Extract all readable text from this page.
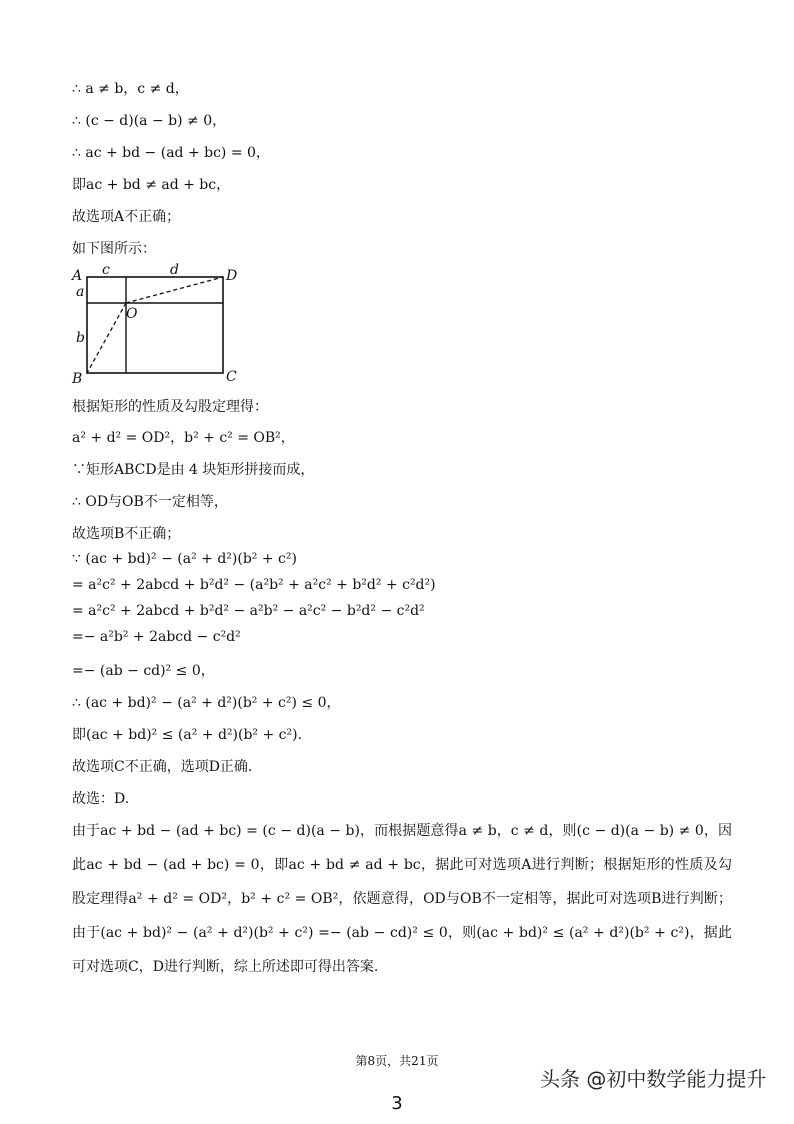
∴ a ≠ b，c ≠ d，
∴ (c − d)(a − b) ≠ 0，
∴ ac + bd − (ad + bc) = 0，
即ac + bd ≠ ad + bc，
故选项A不正确；
如下图所示：
A c	d	D
a
O
b
B	C
根据矩形的性质及勾股定理得：
a² + d² = OD²，b² + c² = OB²，
∵矩形ABCD是由 4 块矩形拼接而成，
∴ OD与OB不一定相等，
故选项B不正确；
∵ (ac + bd)² − (a² + d²)(b² + c²)
= a²c² + 2abcd + b²d² − (a²b² + a²c² + b²d² + c²d²)
= a²c² + 2abcd + b²d² − a²b² − a²c² − b²d² − c²d²
=− a²b² + 2abcd − c²d²
=− (ab − cd)² ≤ 0，
∴ (ac + bd)² − (a² + d²)(b² + c²) ≤ 0，
即(ac + bd)² ≤ (a² + d²)(b² + c²).
故选项C不正确，选项D正确.
故选：D.
由于ac + bd − (ad + bc) = (c − d)(a − b)，而根据题意得a ≠ b，c ≠ d，则(c − d)(a − b) ≠ 0，因此ac + bd − (ad + bc) = 0，即ac + bd ≠ ad + bc，据此可对选项A进行判断；根据矩形的性质及勾股定理得a² + d² = OD²，b² + c² = OB²，依题意得，OD与OB不一定相等，据此可对选项B进行判断；由于(ac + bd)² − (a² + d²)(b² + c²) =− (ab − cd)² ≤ 0，则(ac + bd)² ≤ (a² + d²)(b² + c²)，据此可对选项C，D进行判断，综上所述即可得出答案.
第8页，共21页
头条 @初中数学能力提升
3
